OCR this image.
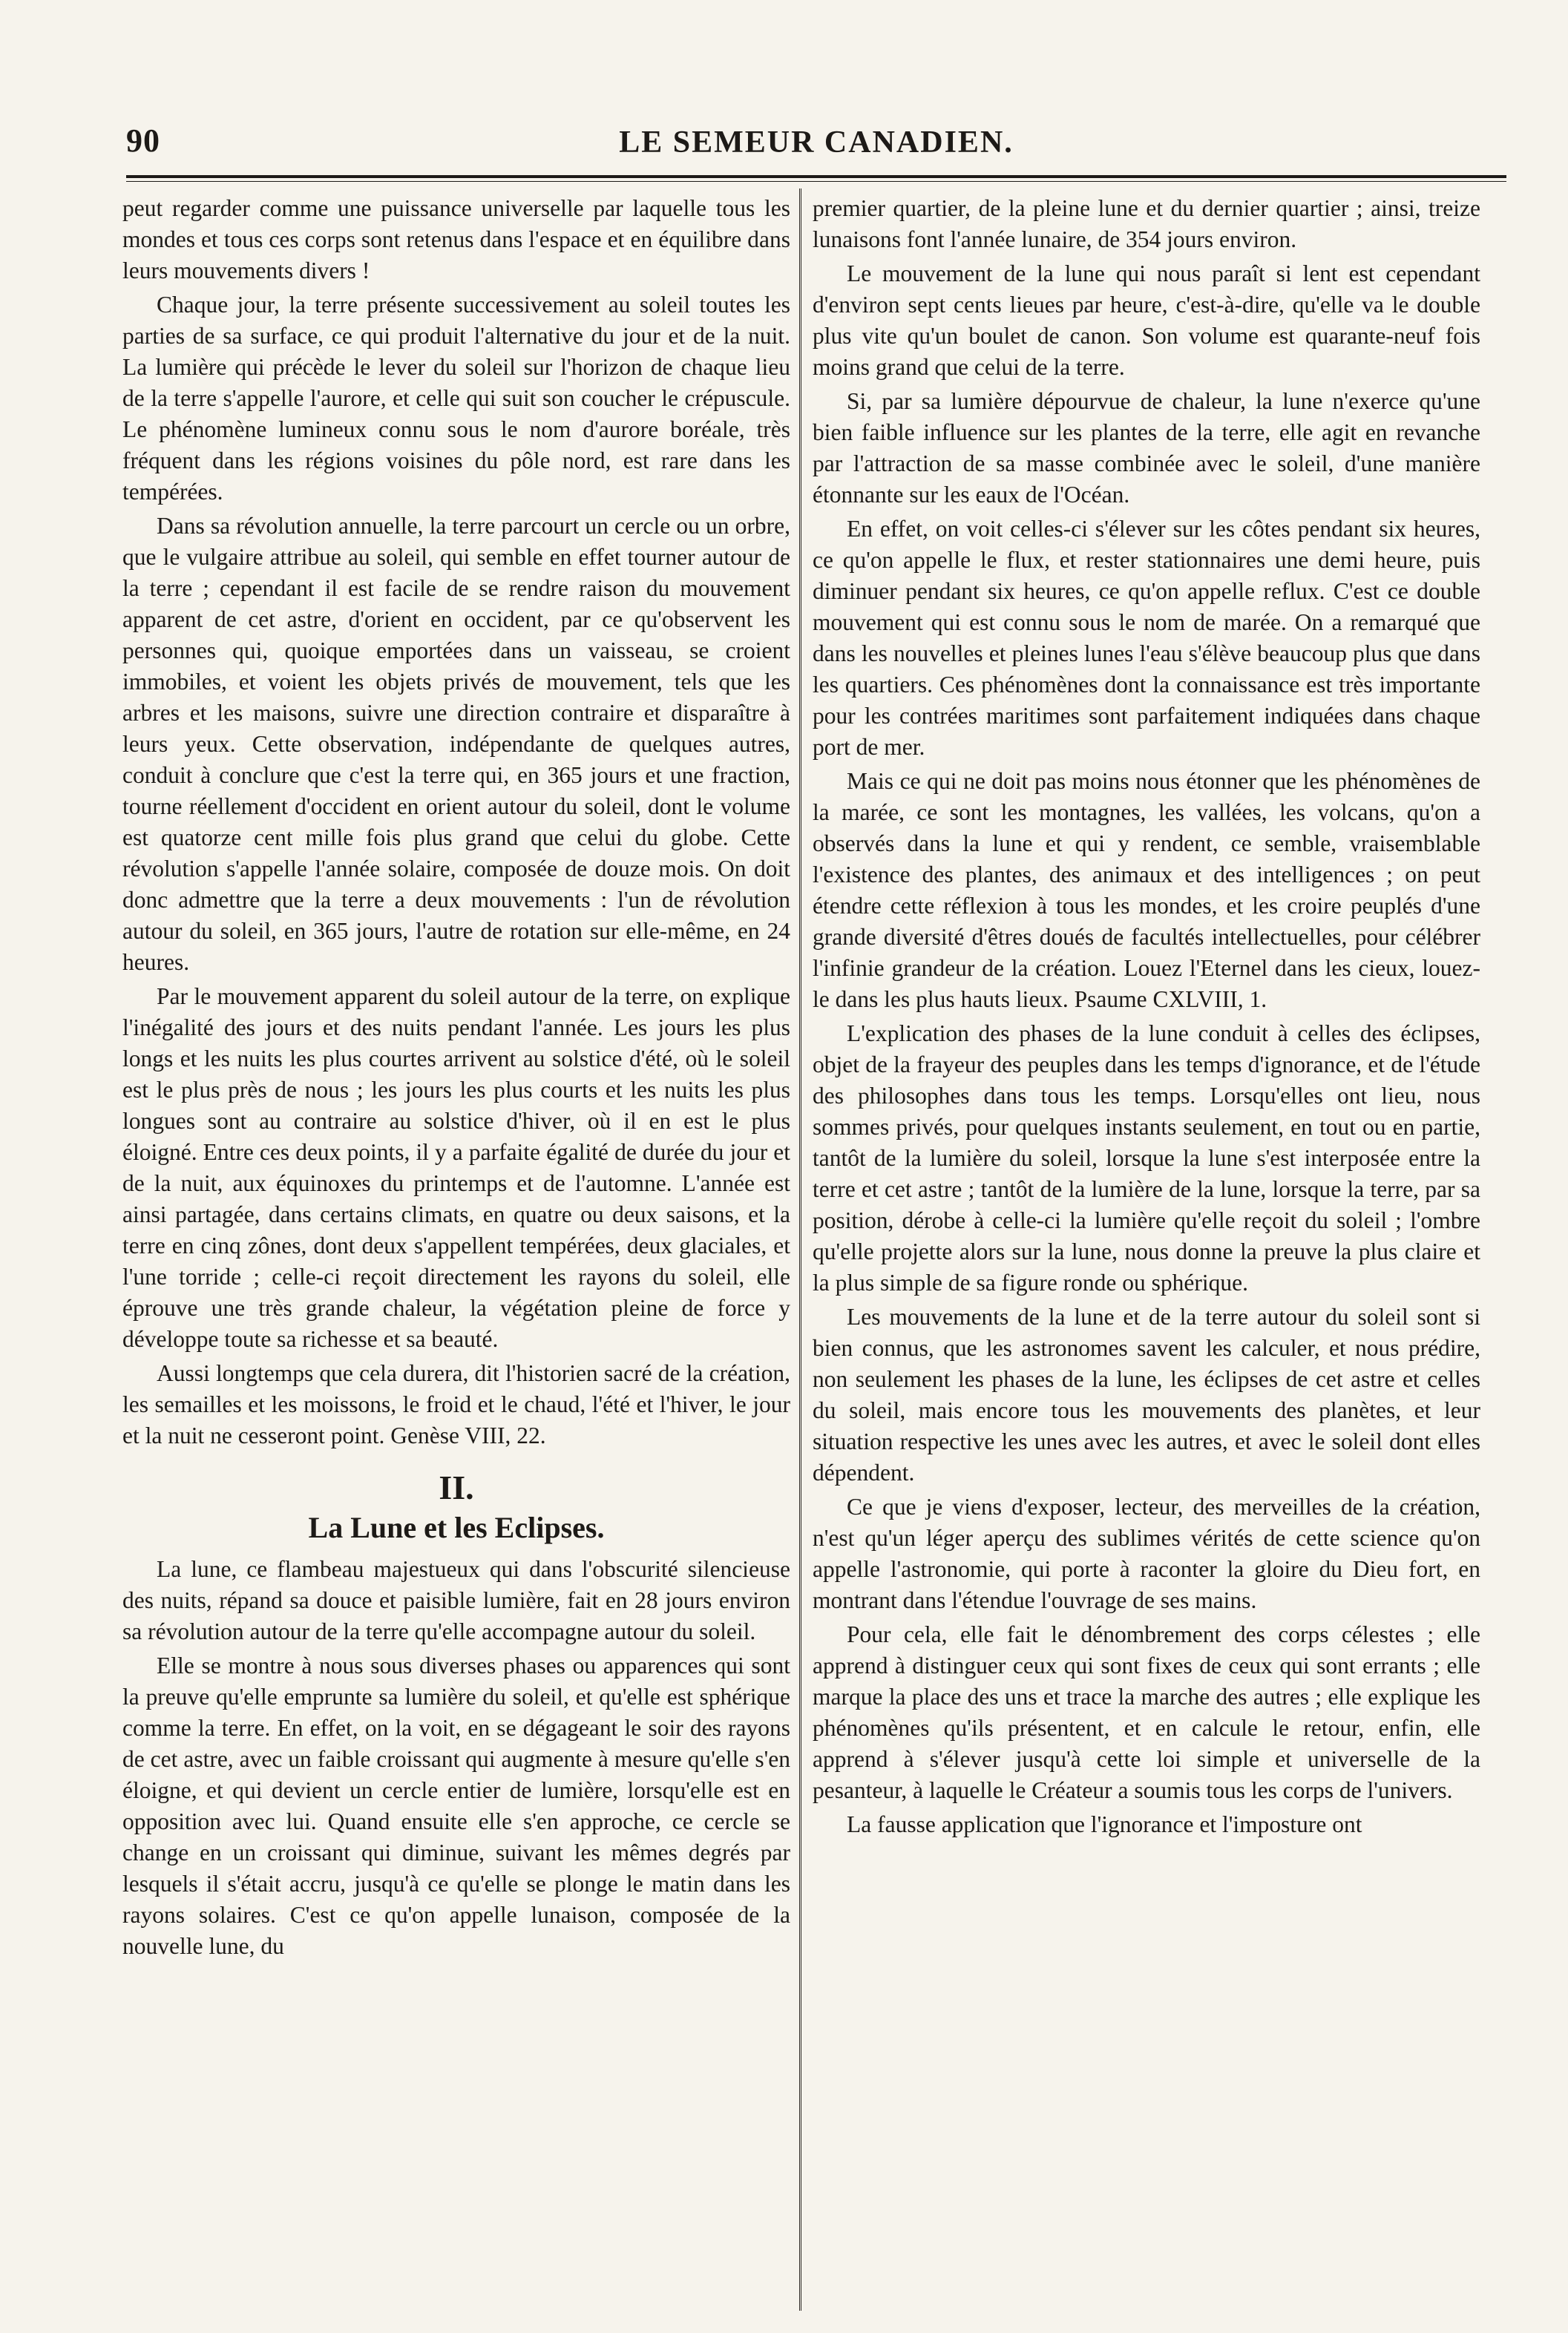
90	LE SEMEUR CANADIEN.

peut regarder comme une puissance universelle par laquelle tous les mondes et tous ces corps sont retenus dans l'espace et en équilibre dans leurs mouvements divers !

Chaque jour, la terre présente successivement au soleil toutes les parties de sa surface, ce qui produit l'alternative du jour et de la nuit. La lumière qui précède le lever du soleil sur l'horizon de chaque lieu de la terre s'appelle l'aurore, et celle qui suit son coucher le crépuscule. Le phénomène lumineux connu sous le nom d'aurore boréale, très fréquent dans les régions voisines du pôle nord, est rare dans les tempérées.

Dans sa révolution annuelle, la terre parcourt un cercle ou un orbre, que le vulgaire attribue au soleil, qui semble en effet tourner autour de la terre ; cependant il est facile de se rendre raison du mouvement apparent de cet astre, d'orient en occident, par ce qu'observent les personnes qui, quoique emportées dans un vaisseau, se croient immobiles, et voient les objets privés de mouvement, tels que les arbres et les maisons, suivre une direction contraire et disparaître à leurs yeux. Cette observation, indépendante de quelques autres, conduit à conclure que c'est la terre qui, en 365 jours et une fraction, tourne réellement d'occident en orient autour du soleil, dont le volume est quatorze cent mille fois plus grand que celui du globe. Cette révolution s'appelle l'année solaire, composée de douze mois. On doit donc admettre que la terre a deux mouvements : l'un de révolution autour du soleil, en 365 jours, l'autre de rotation sur elle-même, en 24 heures.

Par le mouvement apparent du soleil autour de la terre, on explique l'inégalité des jours et des nuits pendant l'année. Les jours les plus longs et les nuits les plus courtes arrivent au solstice d'été, où le soleil est le plus près de nous ; les jours les plus courts et les nuits les plus longues sont au contraire au solstice d'hiver, où il en est le plus éloigné. Entre ces deux points, il y a parfaite égalité de durée du jour et de la nuit, aux équinoxes du printemps et de l'automne. L'année est ainsi partagée, dans certains climats, en quatre ou deux saisons, et la terre en cinq zônes, dont deux s'appellent tempérées, deux glaciales, et l'une torride ; celle-ci reçoit directement les rayons du soleil, elle éprouve une très grande chaleur, la végétation pleine de force y développe toute sa richesse et sa beauté.

Aussi longtemps que cela durera, dit l'historien sacré de la création, les semailles et les moissons, le froid et le chaud, l'été et l'hiver, le jour et la nuit ne cesseront point. Genèse VIII, 22.

II.
La Lune et les Eclipses.

La lune, ce flambeau majestueux qui dans l'obscurité silencieuse des nuits, répand sa douce et paisible lumière, fait en 28 jours environ sa révolution autour de la terre qu'elle accompagne autour du soleil.

Elle se montre à nous sous diverses phases ou apparences qui sont la preuve qu'elle emprunte sa lumière du soleil, et qu'elle est sphérique comme la terre. En effet, on la voit, en se dégageant le soir des rayons de cet astre, avec un faible croissant qui augmente à mesure qu'elle s'en éloigne, et qui devient un cercle entier de lumière, lorsqu'elle est en opposition avec lui. Quand ensuite elle s'en approche, ce cercle se change en un croissant qui diminue, suivant les mêmes degrés par lesquels il s'était accru, jusqu'à ce qu'elle se plonge le matin dans les rayons solaires. C'est ce qu'on appelle lunaison, composée de la nouvelle lune, du

premier quartier, de la pleine lune et du dernier quartier ; ainsi, treize lunaisons font l'année lunaire, de 354 jours environ.

Le mouvement de la lune qui nous paraît si lent est cependant d'environ sept cents lieues par heure, c'est-à-dire, qu'elle va le double plus vite qu'un boulet de canon. Son volume est quarante-neuf fois moins grand que celui de la terre.

Si, par sa lumière dépourvue de chaleur, la lune n'exerce qu'une bien faible influence sur les plantes de la terre, elle agit en revanche par l'attraction de sa masse combinée avec le soleil, d'une manière étonnante sur les eaux de l'Océan.

En effet, on voit celles-ci s'élever sur les côtes pendant six heures, ce qu'on appelle le flux, et rester stationnaires une demi heure, puis diminuer pendant six heures, ce qu'on appelle reflux. C'est ce double mouvement qui est connu sous le nom de marée. On a remarqué que dans les nouvelles et pleines lunes l'eau s'élève beaucoup plus que dans les quartiers. Ces phénomènes dont la connaissance est très importante pour les contrées maritimes sont parfaitement indiquées dans chaque port de mer.

Mais ce qui ne doit pas moins nous étonner que les phénomènes de la marée, ce sont les montagnes, les vallées, les volcans, qu'on a observés dans la lune et qui y rendent, ce semble, vraisemblable l'existence des plantes, des animaux et des intelligences ; on peut étendre cette réflexion à tous les mondes, et les croire peuplés d'une grande diversité d'êtres doués de facultés intellectuelles, pour célébrer l'infinie grandeur de la création. Louez l'Eternel dans les cieux, louez-le dans les plus hauts lieux. Psaume CXLVIII, 1.

L'explication des phases de la lune conduit à celles des éclipses, objet de la frayeur des peuples dans les temps d'ignorance, et de l'étude des philosophes dans tous les temps. Lorsqu'elles ont lieu, nous sommes privés, pour quelques instants seulement, en tout ou en partie, tantôt de la lumière du soleil, lorsque la lune s'est interposée entre la terre et cet astre ; tantôt de la lumière de la lune, lorsque la terre, par sa position, dérobe à celle-ci la lumière qu'elle reçoit du soleil ; l'ombre qu'elle projette alors sur la lune, nous donne la preuve la plus claire et la plus simple de sa figure ronde ou sphérique.

Les mouvements de la lune et de la terre autour du soleil sont si bien connus, que les astronomes savent les calculer, et nous prédire, non seulement les phases de la lune, les éclipses de cet astre et celles du soleil, mais encore tous les mouvements des planètes, et leur situation respective les unes avec les autres, et avec le soleil dont elles dépendent.

Ce que je viens d'exposer, lecteur, des merveilles de la création, n'est qu'un léger aperçu des sublimes vérités de cette science qu'on appelle l'astronomie, qui porte à raconter la gloire du Dieu fort, en montrant dans l'étendue l'ouvrage de ses mains.

Pour cela, elle fait le dénombrement des corps célestes ; elle apprend à distinguer ceux qui sont fixes de ceux qui sont errants ; elle marque la place des uns et trace la marche des autres ; elle explique les phénomènes qu'ils présentent, et en calcule le retour, enfin, elle apprend à s'élever jusqu'à cette loi simple et universelle de la pesanteur, à laquelle le Créateur a soumis tous les corps de l'univers.

La fausse application que l'ignorance et l'imposture ont
